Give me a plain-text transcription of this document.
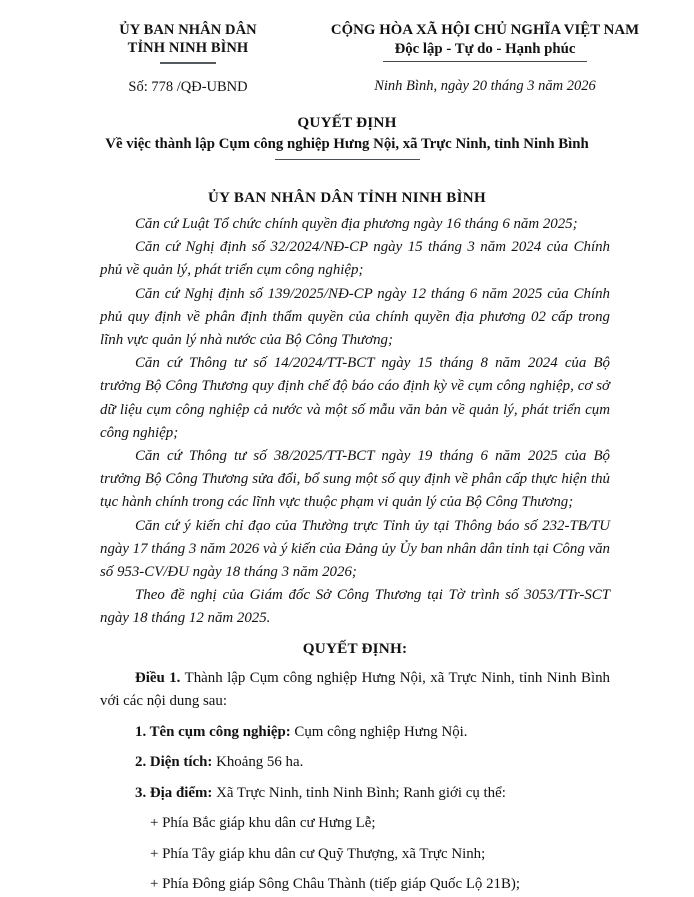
ỦY BAN NHÂN DÂN
TỈNH NINH BÌNH
Số: 778 /QĐ-UBND
CỘNG HÒA XÃ HỘI CHỦ NGHĨA VIỆT NAM
Độc lập - Tự do - Hạnh phúc
Ninh Bình, ngày 20 tháng 3 năm 2026
QUYẾT ĐỊNH
Về việc thành lập Cụm công nghiệp Hưng Nội, xã Trực Ninh, tỉnh Ninh Bình
ỦY BAN NHÂN DÂN TỈNH NINH BÌNH

Căn cứ Luật Tổ chức chính quyền địa phương ngày 16 tháng 6 năm 2025;

Căn cứ Nghị định số 32/2024/NĐ-CP ngày 15 tháng 3 năm 2024 của Chính phủ về quản lý, phát triển cụm công nghiệp;

Căn cứ Nghị định số 139/2025/NĐ-CP ngày 12 tháng 6 năm 2025 của Chính phủ quy định về phân định thẩm quyền của chính quyền địa phương 02 cấp trong lĩnh vực quản lý nhà nước của Bộ Công Thương;

Căn cứ Thông tư số 14/2024/TT-BCT ngày 15 tháng 8 năm 2024 của Bộ trưởng Bộ Công Thương quy định chế độ báo cáo định kỳ về cụm công nghiệp, cơ sở dữ liệu cụm công nghiệp cả nước và một số mẫu văn bản về quản lý, phát triển cụm công nghiệp;

Căn cứ Thông tư số 38/2025/TT-BCT ngày 19 tháng 6 năm 2025 của Bộ trưởng Bộ Công Thương sửa đổi, bổ sung một số quy định về phân cấp thực hiện thủ tục hành chính trong các lĩnh vực thuộc phạm vi quản lý của Bộ Công Thương;

Căn cứ ý kiến chỉ đạo của Thường trực Tỉnh ủy tại Thông báo số 232-TB/TU ngày 17 tháng 3 năm 2026 và ý kiến của Đảng ủy Ủy ban nhân dân tỉnh tại Công văn số 953-CV/ĐU ngày 18 tháng 3 năm 2026;

Theo đề nghị của Giám đốc Sở Công Thương tại Tờ trình số 3053/TTr-SCT ngày 18 tháng 12 năm 2025.

QUYẾT ĐỊNH:

Điều 1. Thành lập Cụm công nghiệp Hưng Nội, xã Trực Ninh, tỉnh Ninh Bình với các nội dung sau:

1. Tên cụm công nghiệp: Cụm công nghiệp Hưng Nội.

2. Diện tích: Khoảng 56 ha.

3. Địa điểm: Xã Trực Ninh, tỉnh Ninh Bình; Ranh giới cụ thể:

+ Phía Bắc giáp khu dân cư Hưng Lễ;

+ Phía Tây giáp khu dân cư Quỹ Thượng, xã Trực Ninh;

+ Phía Đông giáp Sông Châu Thành (tiếp giáp Quốc Lộ 21B);
